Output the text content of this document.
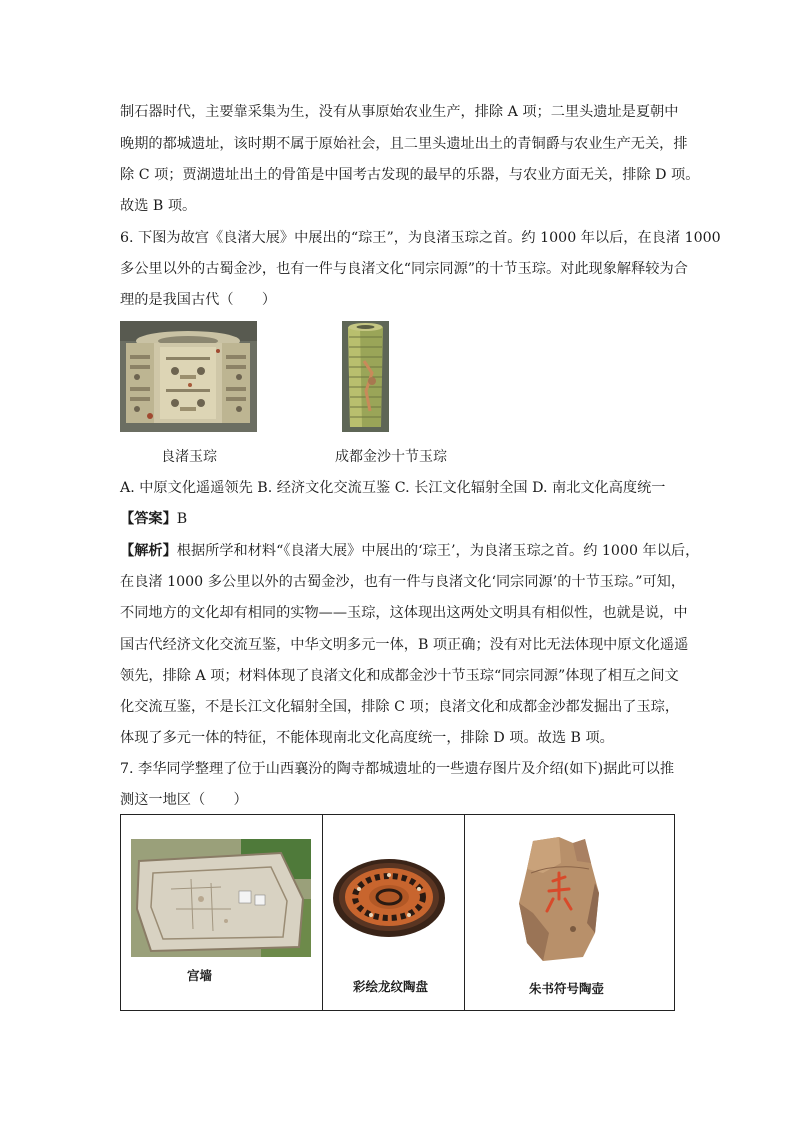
制石器时代，主要靠采集为生，没有从事原始农业生产，排除 A 项；二里头遗址是夏朝中
晚期的都城遗址，该时期不属于原始社会，且二里头遗址出土的青铜爵与农业生产无关，排
除 C 项；贾湖遗址出土的骨笛是中国考古发现的最早的乐器，与农业方面无关，排除 D 项。
故选 B 项。
6. 下图为故宫《良渚大展》中展出的“琮王”，为良渚玉琮之首。约 1000 年以后，在良渚 1000
多公里以外的古蜀金沙，也有一件与良渚文化“同宗同源”的十节玉琮。对此现象解释较为合
理的是我国古代（　　）
良渚玉琮	成都金沙十节玉琮
A. 中原文化遥遥领先 B. 经济文化交流互鉴 C. 长江文化辐射全国 D. 南北文化高度统一
【答案】B
【解析】根据所学和材料“《良渚大展》中展出的‘琮王’，为良渚玉琮之首。约 1000 年以后，
在良渚 1000 多公里以外的古蜀金沙，也有一件与良渚文化‘同宗同源’的十节玉琮。”可知，
不同地方的文化却有相同的实物——玉琮，这体现出这两处文明具有相似性，也就是说，中
国古代经济文化交流互鉴，中华文明多元一体，B 项正确；没有对比无法体现中原文化遥遥
领先，排除 A 项；材料体现了良渚文化和成都金沙十节玉琮“同宗同源”体现了相互之间文
化交流互鉴，不是长江文化辐射全国，排除 C 项；良渚文化和成都金沙都发掘出了玉琮，
体现了多元一体的特征，不能体现南北文化高度统一，排除 D 项。故选 B 项。
7. 李华同学整理了位于山西襄汾的陶寺都城遗址的一些遗存图片及介绍(如下)据此可以推
测这一地区（　　）
宫墙
彩绘龙纹陶盘	朱书符号陶壶
